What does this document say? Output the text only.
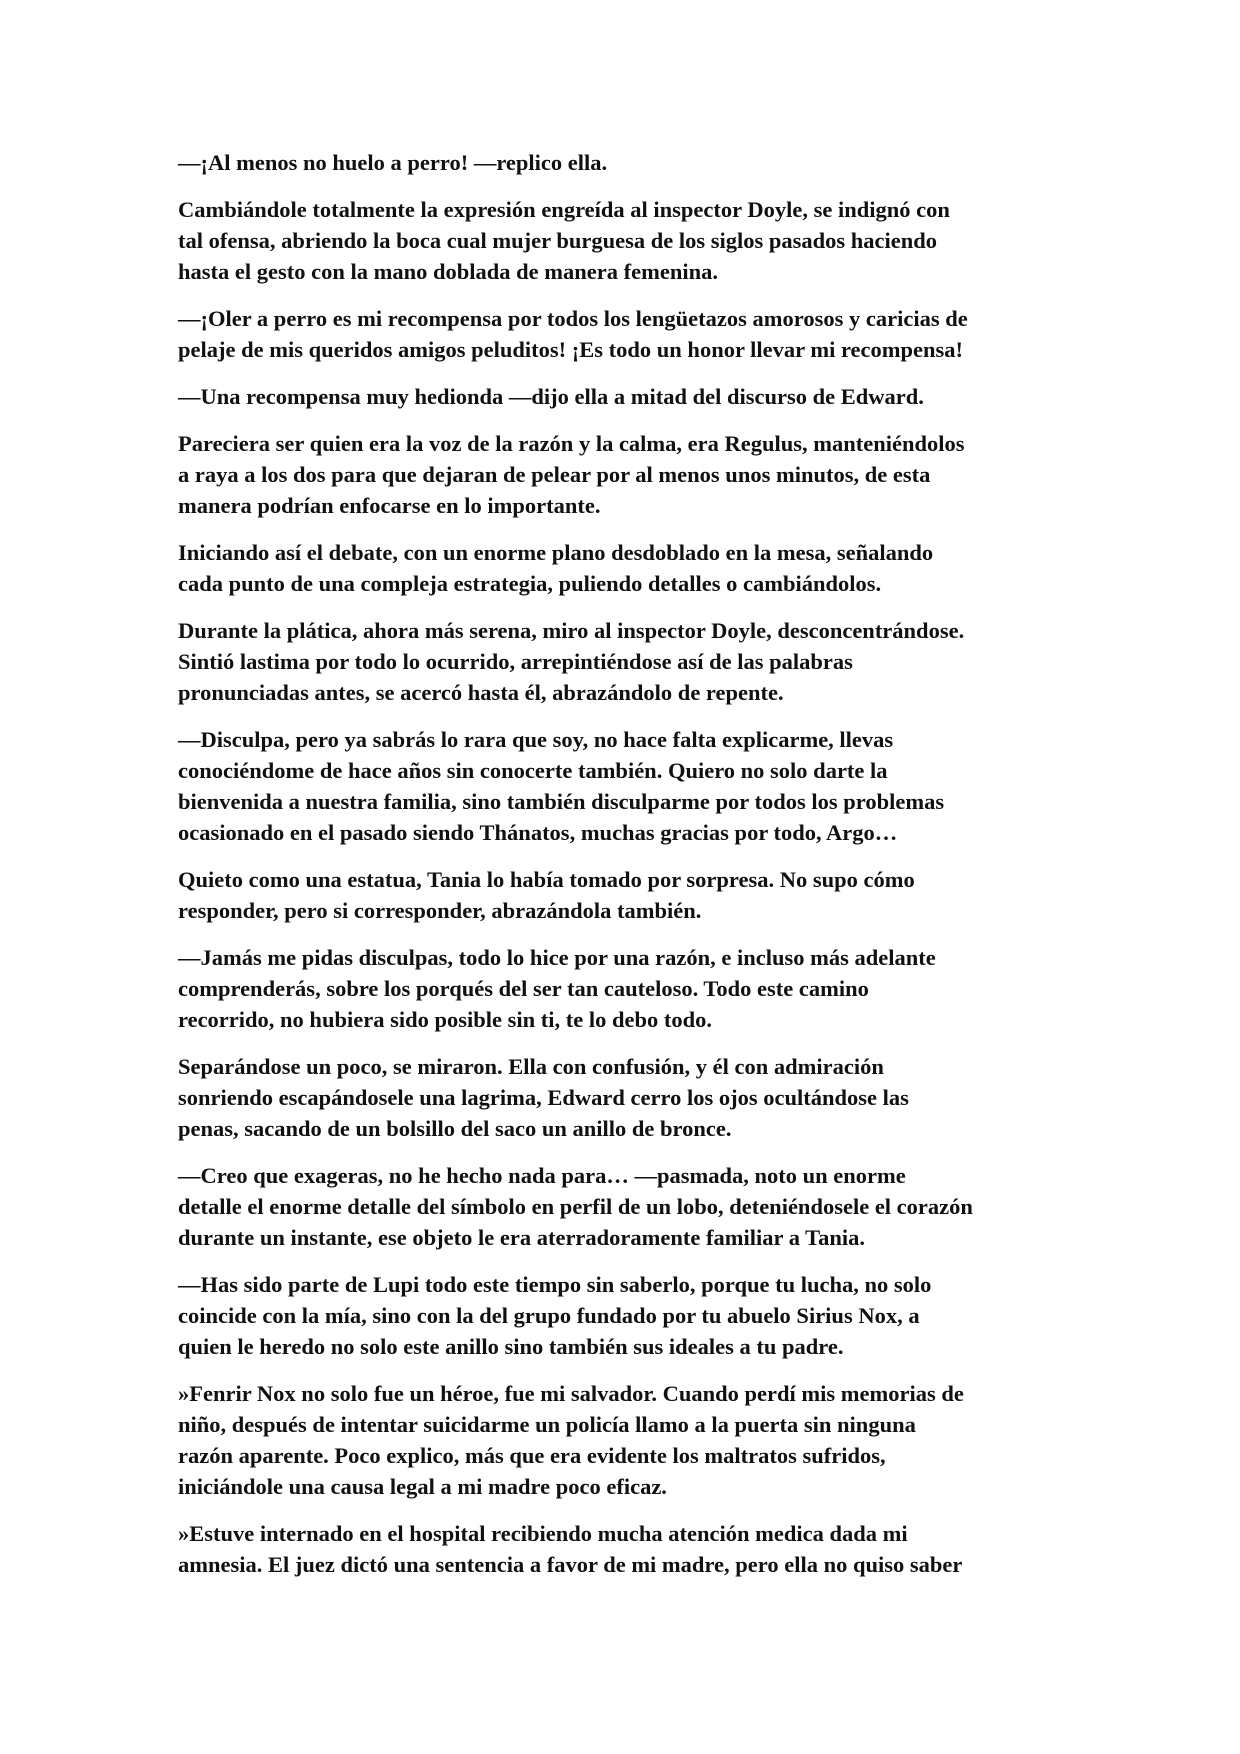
—¡Al menos no huelo a perro! —replico ella.

Cambiándole totalmente la expresión engreída al inspector Doyle, se indignó con
tal ofensa, abriendo la boca cual mujer burguesa de los siglos pasados haciendo
hasta el gesto con la mano doblada de manera femenina.

—¡Oler a perro es mi recompensa por todos los lengüetazos amorosos y caricias de
pelaje de mis queridos amigos peluditos! ¡Es todo un honor llevar mi recompensa!

—Una recompensa muy hedionda —dijo ella a mitad del discurso de Edward.

Pareciera ser quien era la voz de la razón y la calma, era Regulus, manteniéndolos
a raya a los dos para que dejaran de pelear por al menos unos minutos, de esta
manera podrían enfocarse en lo importante.

Iniciando así el debate, con un enorme plano desdoblado en la mesa, señalando
cada punto de una compleja estrategia, puliendo detalles o cambiándolos.

Durante la plática, ahora más serena, miro al inspector Doyle, desconcentrándose.
Sintió lastima por todo lo ocurrido, arrepintiéndose así de las palabras
pronunciadas antes, se acercó hasta él, abrazándolo de repente.

—Disculpa, pero ya sabrás lo rara que soy, no hace falta explicarme, llevas
conociéndome de hace años sin conocerte también. Quiero no solo darte la
bienvenida a nuestra familia, sino también disculparme por todos los problemas
ocasionado en el pasado siendo Thánatos, muchas gracias por todo, Argo…

Quieto como una estatua, Tania lo había tomado por sorpresa. No supo cómo
responder, pero si corresponder, abrazándola también.

—Jamás me pidas disculpas, todo lo hice por una razón, e incluso más adelante
comprenderás, sobre los porqués del ser tan cauteloso. Todo este camino
recorrido, no hubiera sido posible sin ti, te lo debo todo.

Separándose un poco, se miraron. Ella con confusión, y él con admiración
sonriendo escapándosele una lagrima, Edward cerro los ojos ocultándose las
penas, sacando de un bolsillo del saco un anillo de bronce.

—Creo que exageras, no he hecho nada para… —pasmada, noto un enorme
detalle el enorme detalle del símbolo en perfil de un lobo, deteniéndosele el corazón
durante un instante, ese objeto le era aterradoramente familiar a Tania.

—Has sido parte de Lupi todo este tiempo sin saberlo, porque tu lucha, no solo
coincide con la mía, sino con la del grupo fundado por tu abuelo Sirius Nox, a
quien le heredo no solo este anillo sino también sus ideales a tu padre.

»Fenrir Nox no solo fue un héroe, fue mi salvador. Cuando perdí mis memorias de
niño, después de intentar suicidarme un policía llamo a la puerta sin ninguna
razón aparente. Poco explico, más que era evidente los maltratos sufridos,
iniciándole una causa legal a mi madre poco eficaz.

»Estuve internado en el hospital recibiendo mucha atención medica dada mi
amnesia. El juez dictó una sentencia a favor de mi madre, pero ella no quiso saber
